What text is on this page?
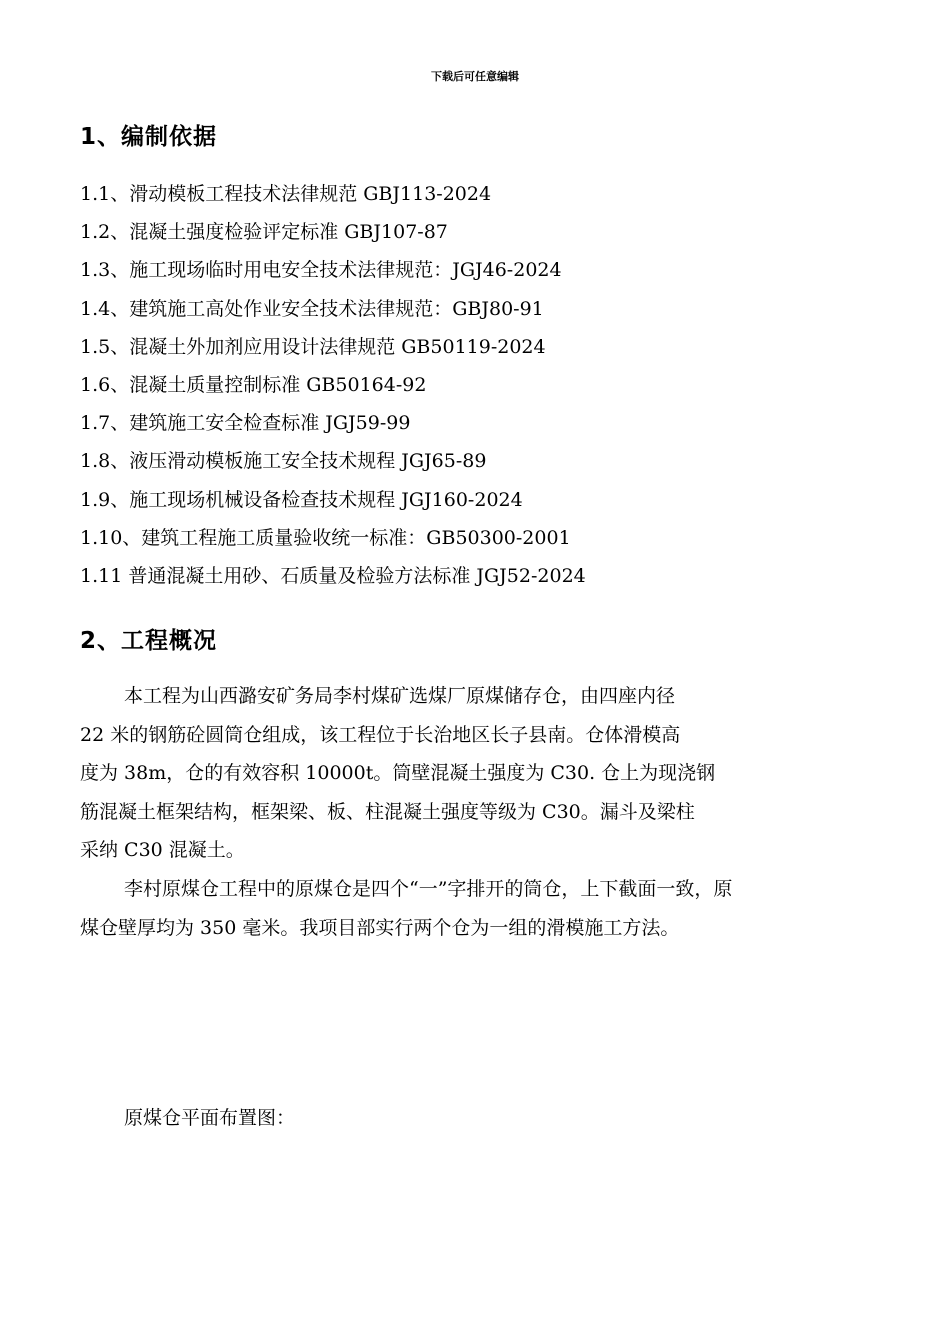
下载后可任意编辑
1、编制依据
1.1、滑动模板工程技术法律规范 GBJ113-2024
1.2、混凝土强度检验评定标准 GBJ107-87
1.3、施工现场临时用电安全技术法律规范：JGJ46-2024
1.4、建筑施工高处作业安全技术法律规范：GBJ80-91
1.5、混凝土外加剂应用设计法律规范 GB50119-2024
1.6、混凝土质量控制标准 GB50164-92
1.7、建筑施工安全检查标准 JGJ59-99
1.8、液压滑动模板施工安全技术规程 JGJ65-89
1.9、施工现场机械设备检查技术规程 JGJ160-2024
1.10、建筑工程施工质量验收统一标准：GB50300-2001
1.11 普通混凝土用砂、石质量及检验方法标准 JGJ52-2024
2、工程概况
本工程为山西潞安矿务局李村煤矿选煤厂原煤储存仓，由四座内径
22 米的钢筋砼圆筒仓组成，该工程位于长治地区长子县南。仓体滑模高
度为 38m，仓的有效容积 10000t。筒壁混凝土强度为 C30. 仓上为现浇钢
筋混凝土框架结构，框架梁、板、柱混凝土强度等级为 C30。漏斗及梁柱
采纳 C30 混凝土。
李村原煤仓工程中的原煤仓是四个“一”字排开的筒仓，上下截面一致，原
煤仓壁厚均为 350 毫米。我项目部实行两个仓为一组的滑模施工方法。
原煤仓平面布置图：
